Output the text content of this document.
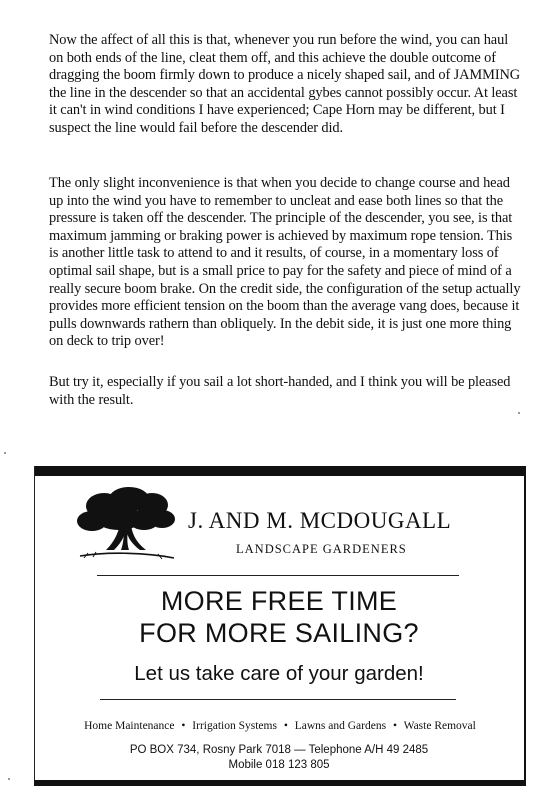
Now the affect of all this is that, whenever you run before the wind, you can haul on both ends of the line, cleat them off, and this achieve the double outcome of dragging the boom firmly down to produce a nicely shaped sail, and of JAMMING the line in the descender so that an accidental gybes cannot possibly occur. At least it can't in wind conditions I have experienced; Cape Horn may be different, but I suspect the line would fail before the descender did.

The only slight inconvenience is that when you decide to change course and head up into the wind you have to remember to uncleat and ease both lines so that the pressure is taken off the descender. The principle of the descender, you see, is that maximum jamming or braking power is achieved by maximum rope tension. This is another little task to attend to and it results, of course, in a momentary loss of optimal sail shape, but is a small price to pay for the safety and piece of mind of a really secure boom brake. On the credit side, the configuration of the setup actually provides more efficient tension on the boom than the average vang does, because it pulls downwards rathern than obliquely. In the debit side, it is just one more thing on deck to trip over!

But try it, especially if you sail a lot short-handed, and I think you will be pleased with the result.

J. AND M. MCDOUGALL
LANDSCAPE GARDENERS
MORE FREE TIME
FOR MORE SAILING?
Let us take care of your garden!
Home Maintenance • Irrigation Systems • Lawns and Gardens • Waste Removal
PO BOX 734, Rosny Park 7018 — Telephone A/H 49 2485
Mobile 018 123 805
